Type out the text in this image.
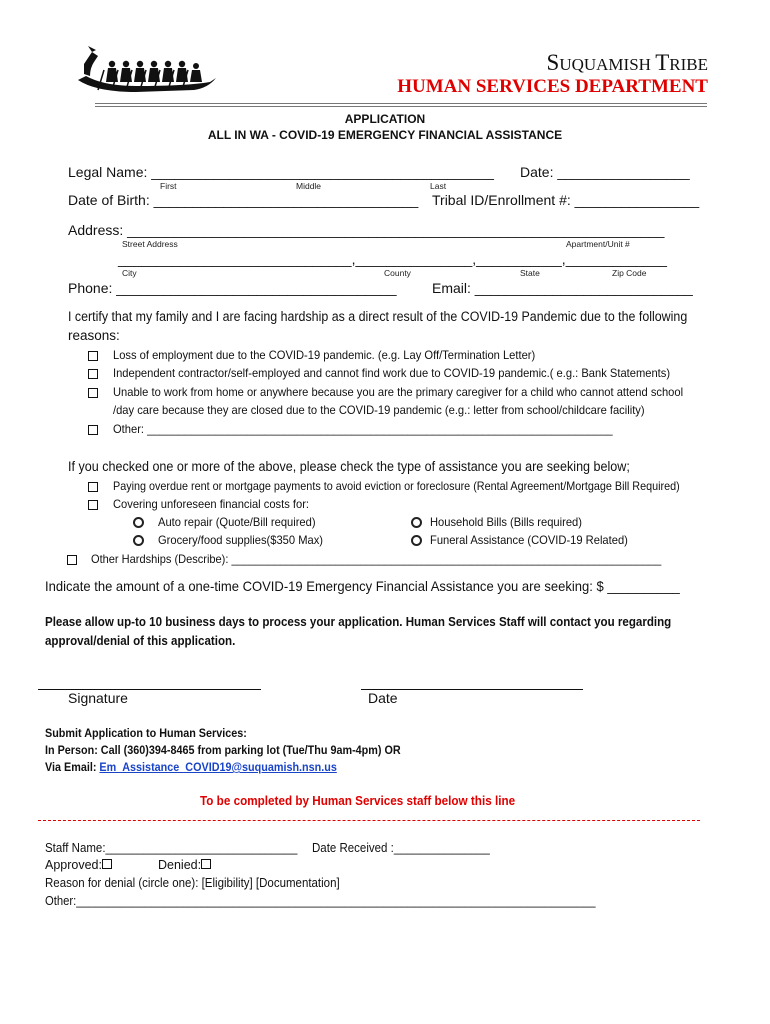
SUQUAMISH TRIBE
HUMAN SERVICES DEPARTMENT
APPLICATION
ALL IN WA - COVID-19 EMERGENCY FINANCIAL ASSISTANCE
Legal Name: ____________________________________________
First	Middle	Last
Date: _________________
Date of Birth: __________________________________ Tribal ID/Enrollment #: ________________
Address: _____________________________________________________________________
Street Address	Apartment/Unit #
______________________________,_______________,___________,_____________
City	County	State	Zip Code
Phone: ____________________________________	Email: ____________________________
I certify that my family and I are facing hardship as a direct result of the COVID-19 Pandemic due to the following
reasons:
Loss of employment due to the COVID-19 pandemic. (e.g. Lay Off/Termination Letter)
Independent contractor/self-employed and cannot find work due to COVID-19 pandemic.( e.g.: Bank Statements)
Unable to work from home or anywhere because you are the primary caregiver for a child who cannot attend school
/day care because they are closed due to the COVID-19 pandemic (e.g.: letter from school/childcare facility)
Other: ___________________________________________________________________________
If you checked one or more of the above, please check the type of assistance you are seeking below;
Paying overdue rent or mortgage payments to avoid eviction or foreclosure (Rental Agreement/Mortgage Bill Required)
Covering unforeseen financial costs for:
Auto repair (Quote/Bill required)
Grocery/food supplies($350 Max)
Household Bills (Bills required)
Funeral Assistance (COVID-19 Related)
Other Hardships (Describe): ______________________________________________________________________
Indicate the amount of a one-time COVID-19 Emergency Financial Assistance you are seeking: $ __________
Please allow up-to 10 business days to process your application. Human Services Staff will contact you regarding
approval/denial of this application.
Signature	Date
Submit Application to Human Services:
In Person: Call (360)394-8465 from parking lot (Tue/Thu 9am-4pm) OR
Via Email: Em_Assistance_COVID19@suquamish.nsn.us
To be completed by Human Services staff below this line
Staff Name:______________________________ Date Received :_______________
Approved:	Denied:
Reason for denial (circle one): [Eligibility] [Documentation]
Other:___________________________________________________________________________________
